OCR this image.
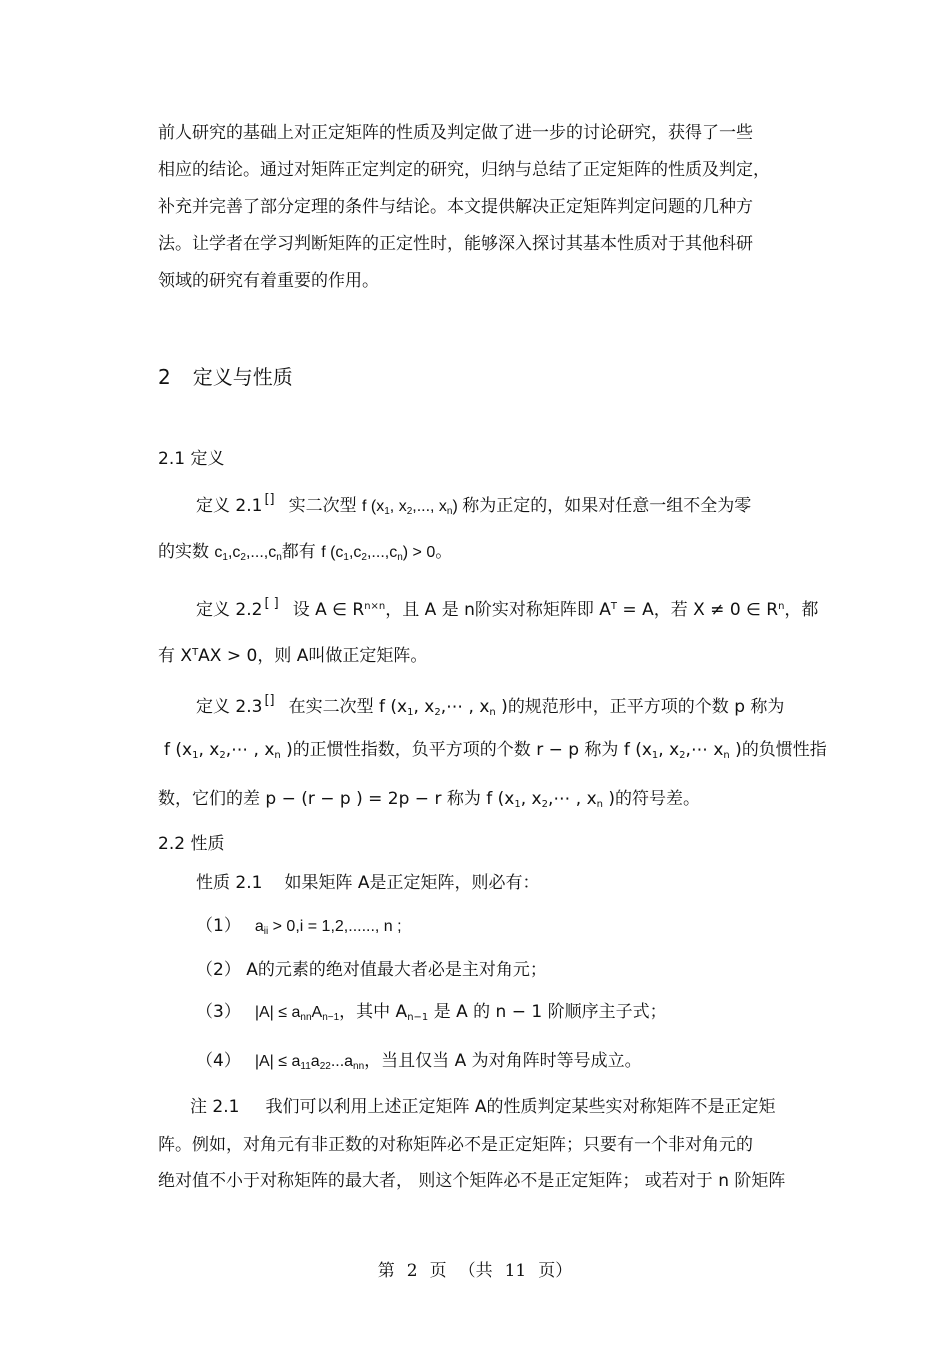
前人研究的基础上对正定矩阵的性质及判定做了进一步的讨论研究，获得了一些
相应的结论。通过对矩阵正定判定的研究，归纳与总结了正定矩阵的性质及判定，
补充并完善了部分定理的条件与结论。本文提供解决正定矩阵判定问题的几种方
法。让学者在学习判断矩阵的正定性时，能够深入探讨其基本性质对于其他科研
领域的研究有着重要的作用。
2 定义与性质
2.1 定义
定义 2.1 [] 实二次型 f ($x_1$, $x_2$,..., $x_n$) 称为正定的，如果对任意一组不全为零
的实数 $c_1,c_2,...,c_n$都有 f $(c_1,c_2,...,c_n) > 0$。
定义 2.2 [ ] 设 A ∈ $R^{n\times n}$，且 A 是 n阶实对称矩阵即 $A^T = A$，若 X ≠ 0 ∈ $R^n$，都
有 $X^TAX > 0$，则 A叫做正定矩阵。
定义 2.3 [] 在实二次型 f ($x_1$, $x_2,\cdots$ , $x_n$ )的规范形中，正平方项的个数 p 称为
f ($x_1$, $x_2,\cdots$ , $x_n$ )的正惯性指数，负平方项的个数 r − p 称为 f ($x_1$, $x_2,\cdots$ $x_n$ )的负惯性指
数，它们的差 p − (r − p ) = 2p − r 称为 f ($x_1$, $x_2,\cdots$ , $x_n$ )的符号差。
2.2 性质
性质 2.1 如果矩阵 A是正定矩阵，则必有：
（1） $a_{ii} > 0,i = 1,2$,......, n ;
（2） A的元素的绝对值最大者必是主对角元；
（3） $|A| \le a_{nn}A_{n-1}$，其中 $A_{n-1}$ 是 A 的 n − 1 阶顺序主子式；
（4） $|A| \le a_{11}a_{22}...a_{nn}$，当且仅当 A 为对角阵时等号成立。
注 2.1 我们可以利用上述正定矩阵 A的性质判定某些实对称矩阵不是正定矩
阵。例如，对角元有非正数的对称矩阵必不是正定矩阵；只要有一个非对角元的
绝对值不小于对称矩阵的最大者， 则这个矩阵必不是正定矩阵； 或若对于 n 阶矩阵
第 2 页 （共 11 页）
